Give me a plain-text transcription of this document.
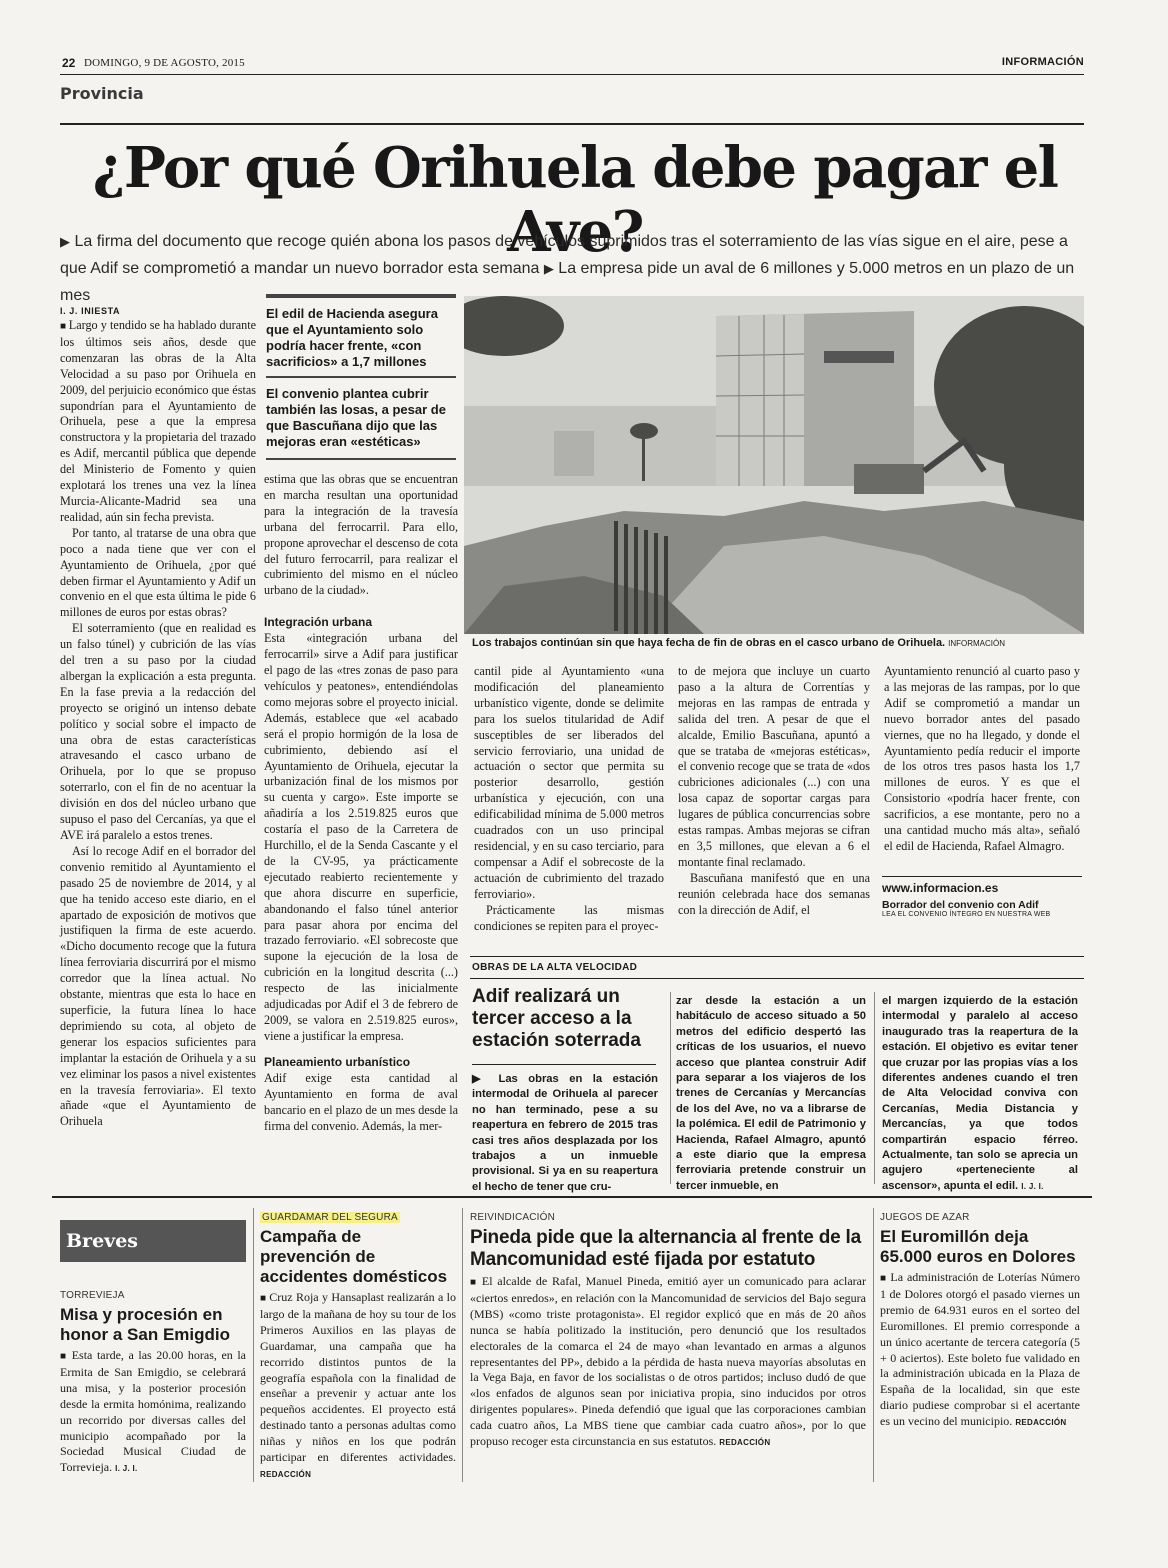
22 DOMINGO, 9 DE AGOSTO, 2015	INFORMACIÓN
Provincia
¿Por qué Orihuela debe pagar el Ave?
▶ La firma del documento que recoge quién abona los pasos de vehículos suprimidos tras el soterramiento de las vías sigue en el aire, pese a que Adif se comprometió a mandar un nuevo borrador esta semana ▶ La empresa pide un aval de 6 millones y 5.000 metros en un plazo de un mes
I. J. INIESTA

■ Largo y tendido se ha hablado durante los últimos seis años, desde que comenzaran las obras de la Alta Velocidad a su paso por Orihuela en 2009, del perjuicio económico que éstas supondrían para el Ayuntamiento de Orihuela, pese a que la empresa constructora y la propietaria del trazado es Adif, mercantil pública que depende del Ministerio de Fomento y quien explotará los trenes una vez la línea Murcia-Alicante-Madrid sea una realidad, aún sin fecha prevista.

Por tanto, al tratarse de una obra que poco a nada tiene que ver con el Ayuntamiento de Orihuela, ¿por qué deben firmar el Ayuntamiento y Adif un convenio en el que esta última le pide 6 millones de euros por estas obras?

El soterramiento (que en realidad es un falso túnel) y cubrición de las vías del tren a su paso por la ciudad albergan la explicación a esta pregunta. En la fase previa a la redacción del proyecto se originó un intenso debate político y social sobre el impacto de una obra de estas características atravesando el casco urbano de Orihuela, por lo que se propuso soterrarlo, con el fin de no acentuar la división en dos del núcleo urbano que supuso el paso del Cercanías, ya que el AVE irá paralelo a estos trenes.

Así lo recoge Adif en el borrador del convenio remitido al Ayuntamiento el pasado 25 de noviembre de 2014, y al que ha tenido acceso este diario, en el apartado de exposición de motivos que justifiquen la firma de este acuerdo. «Dicho documento recoge que la futura línea ferroviaria discurrirá por el mismo corredor que la línea actual. No obstante, mientras que esta lo hace en superficie, la futura línea lo hace deprimiendo su cota, al objeto de generar los espacios suficientes para implantar la estación de Orihuela y a su vez eliminar los pasos a nivel existentes en la travesía ferroviaria». El texto añade «que el Ayuntamiento de Orihuela

El edil de Hacienda asegura que el Ayuntamiento solo podría hacer frente, «con sacrificios» a 1,7 millones
El convenio plantea cubrir también las losas, a pesar de que Bascuñana dijo que las mejoras eran «estéticas»

estima que las obras que se encuentran en marcha resultan una oportunidad para la integración de la travesía urbana del ferrocarril. Para ello, propone aprovechar el descenso de cota del futuro ferrocarril, para realizar el cubrimiento del mismo en el núcleo urbano de la ciudad».

Integración urbana

Esta «integración urbana del ferrocarril» sirve a Adif para justificar el pago de las «tres zonas de paso para vehículos y peatones», entendiéndolas como mejoras sobre el proyecto inicial. Además, establece que «el acabado será el propio hormigón de la losa de cubrimiento, debiendo así el Ayuntamiento de Orihuela, ejecutar la urbanización final de los mismos por su cuenta y cargo». Este importe se añadiría a los 2.519.825 euros que costaría el paso de la Carretera de Hurchillo, el de la Senda Cascante y el de la CV-95, ya prácticamente ejecutado reabierto recientemente y que ahora discurre en superficie, abandonando el falso túnel anterior para pasar ahora por encima del trazado ferroviario. «El sobrecoste que supone la ejecución de la losa de cubrición en la longitud descrita (...) respecto de las inicialmente adjudicadas por Adif el 3 de febrero de 2009, se valora en 2.519.825 euros», viene a justificar la empresa.

Planeamiento urbanístico

Adif exige esta cantidad al Ayuntamiento en forma de aval bancario en el plazo de un mes desde la firma del convenio. Además, la mer-

Los trabajos continúan sin que haya fecha de fin de obras en el casco urbano de Orihuela. INFORMACIÓN

cantil pide al Ayuntamiento «una modificación del planeamiento urbanístico vigente, donde se delimite para los suelos titularidad de Adif susceptibles de ser liberados del servicio ferroviario, una unidad de actuación o sector que permita su posterior desarrollo, gestión urbanística y ejecución, con una edificabilidad mínima de 5.000 metros cuadrados con un uso principal residencial, y en su caso terciario, para compensar a Adif el sobrecoste de la actuación de cubrimiento del trazado ferroviario».

Prácticamente las mismas condiciones se repiten para el proyec-

to de mejora que incluye un cuarto paso a la altura de Correntías y mejoras en las rampas de entrada y salida del tren. A pesar de que el alcalde, Emilio Bascuñana, apuntó a que se trataba de «mejoras estéticas», el convenio recoge que se trata de «dos cubriciones adicionales (...) con una losa capaz de soportar cargas para lugares de pública concurrencias sobre estas rampas. Ambas mejoras se cifran en 3,5 millones, que elevan a 6 el montante final reclamado.

Bascuñana manifestó que en una reunión celebrada hace dos semanas con la dirección de Adif, el

Ayuntamiento renunció al cuarto paso y a las mejoras de las rampas, por lo que Adif se comprometió a mandar un nuevo borrador antes del pasado viernes, que no ha llegado, y donde el Ayuntamiento pedía reducir el importe de los otros tres pasos hasta los 1,7 millones de euros. Y es que el Consistorio «podría hacer frente, con sacrificios, a ese montante, pero no a una cantidad mucho más alta», señaló el edil de Hacienda, Rafael Almagro.

www.informacion.es
Borrador del convenio con Adif
LEA EL CONVENIO ÍNTEGRO EN NUESTRA WEB
OBRAS DE LA ALTA VELOCIDAD
Adif realizará un tercer acceso a la estación soterrada
▶ Las obras en la estación intermodal de Orihuela al parecer no han terminado, pese a su reapertura en febrero de 2015 tras casi tres años desplazada por los trabajos a un inmueble provisional. Si ya en su reapertura el hecho de tener que cru-
zar desde la estación a un habitáculo de acceso situado a 50 metros del edificio despertó las críticas de los usuarios, el nuevo acceso que plantea construir Adif para separar a los viajeros de los trenes de Cercanías y Mercancías de los del Ave, no va a librarse de la polémica. El edil de Patrimonio y Hacienda, Rafael Almagro, apuntó a este diario que la empresa ferroviaria pretende construir un tercer inmueble, en
el margen izquierdo de la estación intermodal y paralelo al acceso inaugurado tras la reapertura de la estación. El objetivo es evitar tener que cruzar por las propias vías a los diferentes andenes cuando el tren de Alta Velocidad conviva con Cercanías, Media Distancia y Mercancías, ya que todos compartirán espacio férreo. Actualmente, tan solo se aprecia un agujero «perteneciente al ascensor», apunta el edil. I. J. I.
Breves
TORREVIEJA
Misa y procesión en honor a San Emigdio
■ Esta tarde, a las 20.00 horas, en la Ermita de San Emigdio, se celebrará una misa, y la posterior procesión desde la ermita homónima, realizando un recorrido por diversas calles del municipio acompañado por la Sociedad Musical Ciudad de Torrevieja. I. J. I.
GUARDAMAR DEL SEGURA
Campaña de prevención de accidentes domésticos
■ Cruz Roja y Hansaplast realizarán a lo largo de la mañana de hoy su tour de los Primeros Auxilios en las playas de Guardamar, una campaña que ha recorrido distintos puntos de la geografía española con la finalidad de enseñar a prevenir y actuar ante los pequeños accidentes. El proyecto está destinado tanto a personas adultas como niñas y niños en los que podrán participar en diferentes actividades. REDACCIÓN
REIVINDICACIÓN
Pineda pide que la alternancia al frente de la Mancomunidad esté fijada por estatuto
■ El alcalde de Rafal, Manuel Pineda, emitió ayer un comunicado para aclarar «ciertos enredos», en relación con la Mancomunidad de servicios del Bajo segura (MBS) «como triste protagonista». El regidor explicó que en más de 20 años nunca se había politizado la institución, pero denunció que los resultados electorales de la comarca el 24 de mayo «han levantado en armas a algunos representantes del PP», debido a la pérdida de hasta nueva mayorías absolutas en la Vega Baja, en favor de los socialistas o de otros partidos; incluso dudó de que «los enfados de algunos sean por iniciativa propia, sino inducidos por otros dirigentes populares». Pineda defendió que igual que las corporaciones cambian cada cuatro años, La MBS tiene que cambiar cada cuatro años», por lo que propuso recoger esta circunstancia en sus estatutos. REDACCIÓN
JUEGOS DE AZAR
El Euromillón deja 65.000 euros en Dolores
■ La administración de Loterías Número 1 de Dolores otorgó el pasado viernes un premio de 64.931 euros en el sorteo del Euromillones. El premio corresponde a un único acertante de tercera categoría (5 + 0 aciertos). Este boleto fue validado en la administración ubicada en la Plaza de España de la localidad, sin que este diario pudiese comprobar si el acertante es un vecino del municipio. REDACCIÓN
